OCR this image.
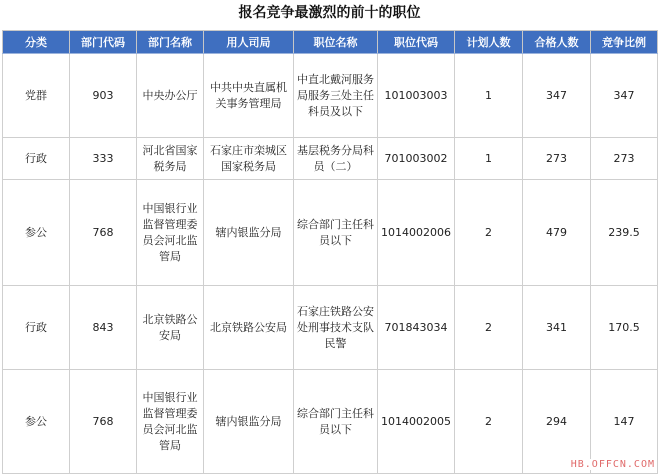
报名竞争最激烈的前十的职位
分类	部门代码	部门名称	用人司局	职位名称	职位代码	计划人数	合格人数	竞争比例
党群	903	中央办公厅	中共中央直属机关事务管理局	中直北戴河服务局服务三处主任科员及以下	101003003	1	347	347
行政	333	河北省国家税务局	石家庄市栾城区国家税务局	基层税务分局科员（二）	701003002	1	273	273
参公	768	中国银行业监督管理委员会河北监管局	辖内银监分局	综合部门主任科员以下	1014002006	2	479	239.5
行政	843	北京铁路公安局	北京铁路公安局	石家庄铁路公安处刑事技术支队民警	701843034	2	341	170.5
参公	768	中国银行业监督管理委员会河北监管局	辖内银监分局	综合部门主任科员以下	1014002005	2	294	147
HB.OFFCN.COM
